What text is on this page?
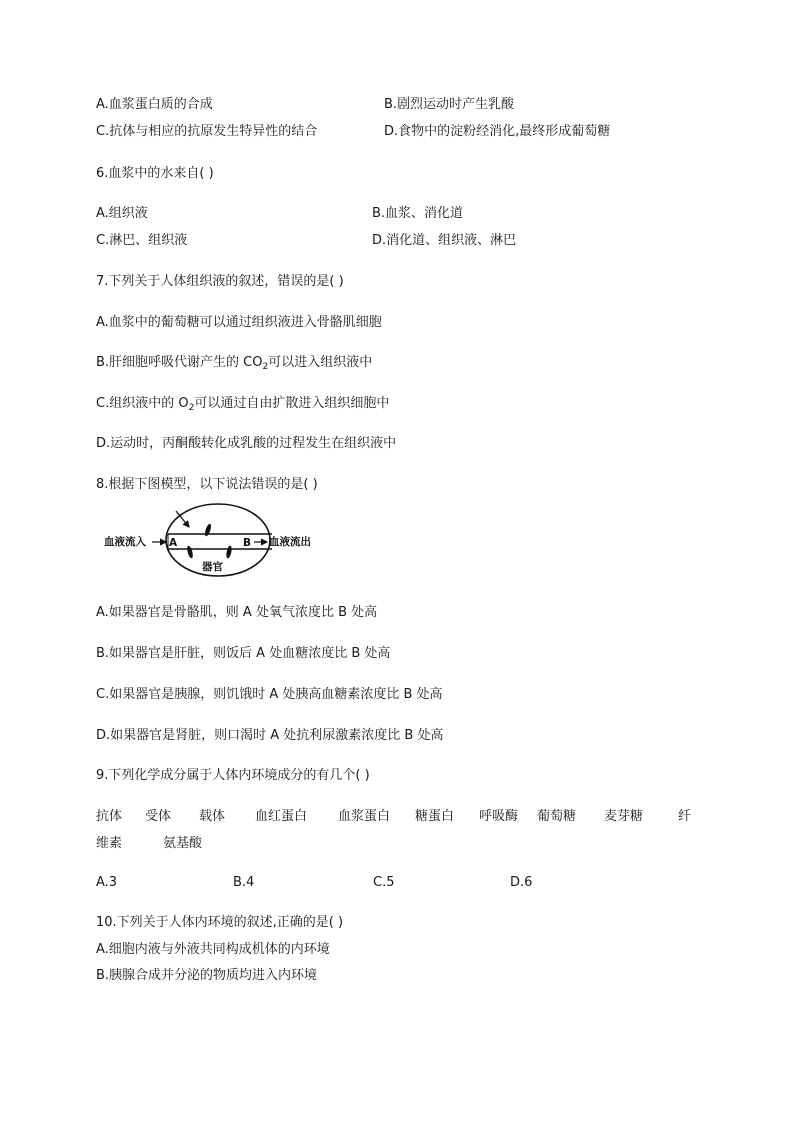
A.血浆蛋白质的合成	B.剧烈运动时产生乳酸
C.抗体与相应的抗原发生特异性的结合	D.食物中的淀粉经消化,最终形成葡萄糖
6.血浆中的水来自( )
A.组织液	B.血浆、消化道
C.淋巴、组织液	D.消化道、组织液、淋巴
7.下列关于人体组织液的叙述，错误的是( )
A.血浆中的葡萄糖可以通过组织液进入骨骼肌细胞
B.肝细胞呼吸代谢产生的 $CO_2$可以进入组织液中
C.组织液中的 $O_2$可以通过自由扩散进入组织细胞中
D.运动时，丙酮酸转化成乳酸的过程发生在组织液中
8.根据下图模型，以下说法错误的是( )
血液流入 A	B 血液流出
器官
A.如果器官是骨骼肌，则 A 处氧气浓度比 B 处高
B.如果器官是肝脏，则饭后 A 处血糖浓度比 B 处高
C.如果器官是胰腺，则饥饿时 A 处胰高血糖素浓度比 B 处高
D.如果器官是肾脏，则口渴时 A 处抗利尿激素浓度比 B 处高
9.下列化学成分属于人体内环境成分的有几个( )
抗体 受体 载体 血红蛋白 血浆蛋白 糖蛋白 呼吸酶 葡萄糖 麦芽糖	纤
维素	氨基酸
A.3	B.4	C.5	D.6
10.下列关于人体内环境的叙述,正确的是( )
A.细胞内液与外液共同构成机体的内环境
B.胰腺合成并分泌的物质均进入内环境
